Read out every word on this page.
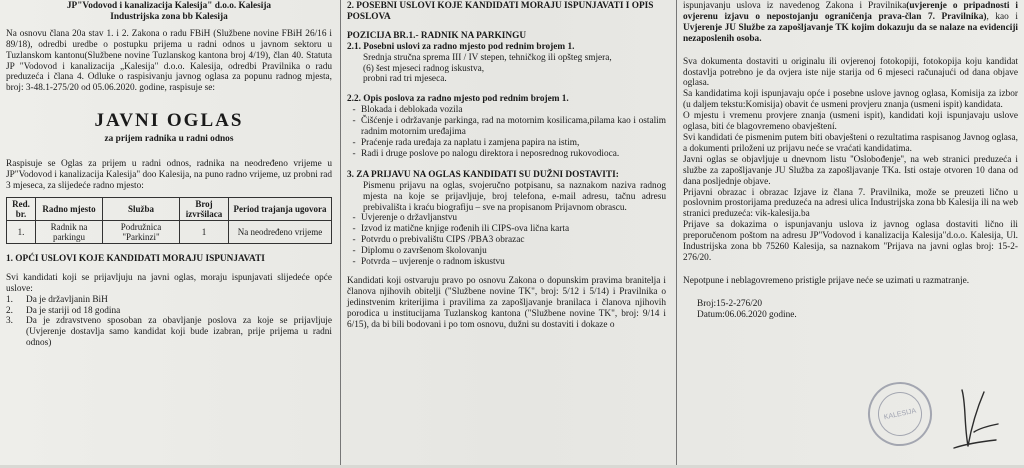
JP"Vodovod i kanalizacija Kalesija" d.o.o. Kalesija

Industrijska zona bb Kalesija

Na osnovu člana 20a stav 1. i 2. Zakona o radu FBiH (Službene novine FBiH 26/16 i 89/18), odredbi uredbe o postupku prijema u radni odnos u javnom sektoru u Tuzlanskom kantonu(Službene novine Tuzlanskog kantona broj 4/19), član 40. Statuta JP "Vodovod i kanalizacija „Kalesija" d.o.o. Kalesija, odredbi Pravilnika o radu preduzeća i člana 4. Odluke o raspisivanju javnog oglasa za popunu radnog mjesta, broj: 3-48.1-275/20 od 05.06.2020. godine, raspisuje se:

JAVNI OGLAS
za prijem radnika u radni odnos

Raspisuje se Oglas za prijem u radni odnos, radnika na neodređeno vrijeme u JP"Vodovod i kanalizacija Kalesija" doo Kalesija, na puno radno vrijeme, uz probni rad 3 mjeseca, za slijedeće radno mjesto:

Red. br.	Radno mjesto	Služba	Broj izvršilaca	Period trajanja ugovora
1.	Radnik na parkingu	Podružnica "Parkinzi"	1	Na neodređeno vrijeme

1. OPĆI USLOVI KOJE KANDIDATI MORAJU ISPUNJAVATI

Svi kandidati koji se prijavljuju na javni oglas, moraju ispunjavati slijedeće opće uslove:

1.	Da je državljanin BiH
2.	Da je stariji od 18 godina
3.	Da je zdravstveno sposoban za obavljanje poslova za koje se prijavljuje (Uvjerenje dostavlja samo kandidat koji bude izabran, prije prijema u radni odnos)

2. POSEBNI USLOVI KOJE KANDIDATI MORAJU ISPUNJAVATI I OPIS POSLOVA

POZICIJA BR.1.- RADNIK NA PARKINGU

2.1. Posebni uslovi za radno mjesto pod rednim brojem 1.

Srednja stručna sprema III / IV stepen, tehničkog ili opšteg smjera,

(6) šest mjeseci radnog iskustva,

probni rad tri mjeseca.

2.2. Opis poslova za radno mjesto pod rednim brojem 1.

- Blokada i deblokada vozila
- Čišćenje i održavanje parkinga, rad na motornim kosilicama,pilama kao i ostalim radnim motornim uređajima
- Praćenje rada uređaja za naplatu i zamjena papira na istim,
- Radi i druge poslove po nalogu direktora i neposrednog rukovodioca.

3. ZA PRIJAVU NA OGLAS KANDIDATI SU DUŽNI DOSTAVITI:

Pismenu prijavu na oglas, svojeručno potpisanu, sa naznakom naziva radnog mjesta na koje se prijavljuje, broj telefona, e-mail adresu, tačnu adresu prebivališta i kraću biografiju – sve na propisanom Prijavnom obrascu.

- Uvjerenje o državljanstvu
- Izvod iz matične knjige rođenih ili CIPS-ova lična karta
- Potvrdu o prebivalištu CIPS /PBA3 obrazac
- Diplomu o završenom školovanju
- Potvrda – uvjerenje o radnom iskustvu

Kandidati koji ostvaruju pravo po osnovu Zakona o dopunskim pravima branitelja i članova njihovih obitelji ("Službene novine TK", broj: 5/12 i 5/14) i Pravilnika o jedinstvenim kriterijima i pravilima za zapošljavanje branilaca i članova njihovih porodica u institucijama Tuzlanskog kantona ("Službene novine TK", broj: 9/14 i 6/15), da bi bili bodovani i po tom osnovu, dužni su dostaviti i dokaze o

ispunjavanju uslova iz navedenog Zakona i Pravilnika(uvjerenje o pripadnosti i ovjerenu izjavu o nepostojanju ograničenja prava-član 7. Pravilnika), kao i Uvjerenje JU Službe za zapošljavanje TK kojim dokazuju da se nalaze na evidenciji nezaposlenih osoba.

Sva dokumenta dostaviti u originalu ili ovjerenoj fotokopiji, fotokopija koju kandidat dostavlja potrebno je da ovjera iste nije starija od 6 mjeseci računajući od dana objave oglasa.

Sa kandidatima koji ispunjavaju opće i posebne uslove javnog oglasa, Komisija za izbor (u daljem tekstu:Komisija) obavit će usmeni provjeru znanja (usmeni ispit) kandidata.

O mjestu i vremenu provjere znanja (usmeni ispit), kandidati koji ispunjavaju uslove oglasa, biti će blagovremeno obavještení.

Svi kandidati će pismenim putem biti obavješteni o rezultatima raspisanog Javnog oglasa, a dokumenti priloženi uz prijavu neće se vraćati kandidatima.

Javni oglas se objavljuje u dnevnom listu ''Oslobođenje'', na web stranici preduzeća i službe za zapošljavanje JU Služba za zapošljavanje TKa. Isti ostaje otvoren 10 dana od dana posljednje objave.

Prijavni obrazac i obrazac Izjave iz člana 7. Pravilnika, može se preuzeti lično u poslovnim prostorijama preduzeća na adresi ulica Industrijska zona bb Kalesija ili na web stranici preduzeća: vik-kalesija.ba

Prijave sa dokazima o ispunjavanju uslova iz javnog oglasa dostaviti lično ili preporučenom poštom na adresu JP"Vodovod i kanalizacija Kalesija"d.o.o. Kalesija, Ul. Industrijska zona bb 75260 Kalesija, sa naznakom ''Prijava na javni oglas broj: 15-2-276/20.

Nepotpune i neblagovremeno pristigle prijave neće se uzimati u razmatranje.

Broj:15-2-276/20

Datum:06.06.2020 godine.

KALESIJA
